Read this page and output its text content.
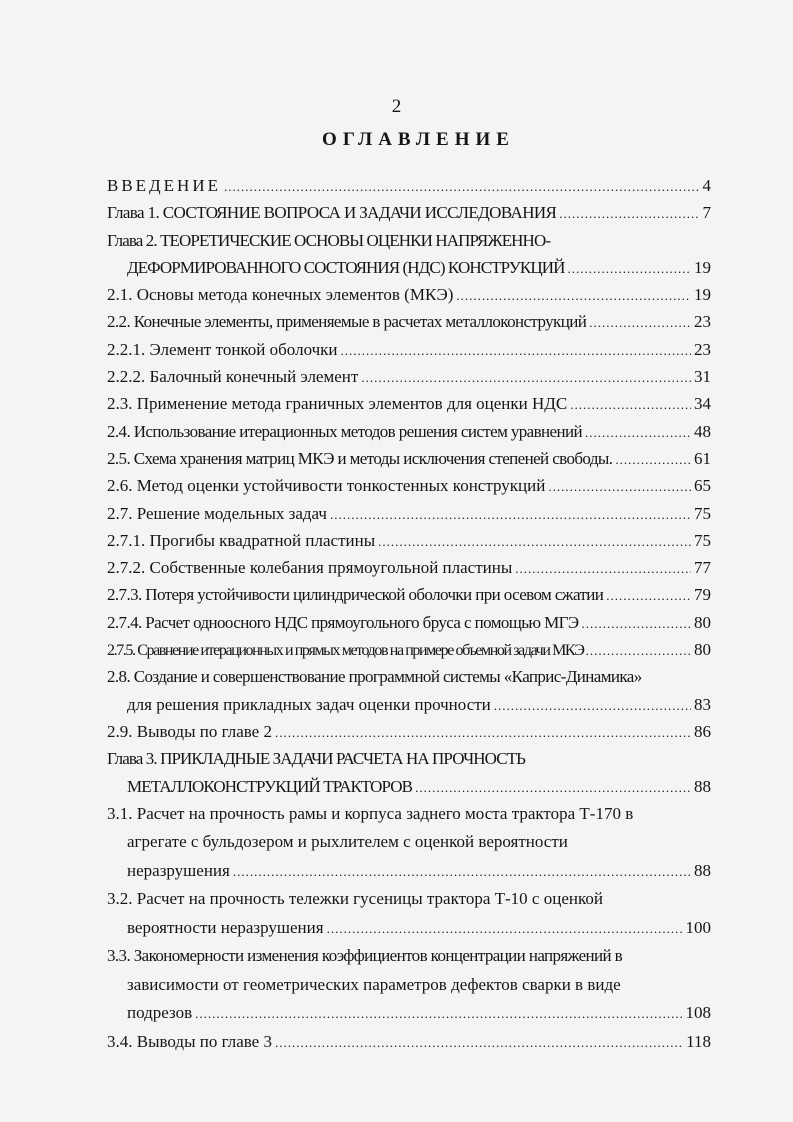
2
ОГЛАВЛЕНИЕ
ВВЕДЕНИЕ .....	4
Глава 1. СОСТОЯНИЕ ВОПРОСА И ЗАДАЧИ ИССЛЕДОВАНИЯ .....	7
Глава 2. ТЕОРЕТИЧЕСКИЕ ОСНОВЫ ОЦЕНКИ НАПРЯЖЕННО-
ДЕФОРМИРОВАННОГО СОСТОЯНИЯ (НДС) КОНСТРУКЦИЙ .....	19
2.1. Основы метода конечных элементов (МКЭ) .....	19
2.2. Конечные элементы, применяемые в расчетах металлоконструкций .....	23
2.2.1. Элемент тонкой оболочки .....	23
2.2.2. Балочный конечный элемент .....	31
2.3. Применение метода граничных элементов для оценки НДС .....	34
2.4. Использование итерационных методов решения систем уравнений .....	48
2.5. Схема хранения матриц МКЭ и методы исключения степеней свободы. .....	61
2.6. Метод оценки устойчивости тонкостенных конструкций .....	65
2.7. Решение модельных задач .....	75
2.7.1. Прогибы квадратной пластины .....	75
2.7.2. Собственные колебания прямоугольной пластины .....	77
2.7.3. Потеря устойчивости цилиндрической оболочки при осевом сжатии .....	79
2.7.4. Расчет одноосного НДС прямоугольного бруса с помощью МГЭ .....	80
2.7.5. Сравнение итерационных и прямых методов на примере объемной задачи МКЭ .....	80
2.8. Создание и совершенствование программной системы «Каприс-Динамика»
для решения прикладных задач оценки прочности .....	83
2.9. Выводы по главе 2 .....	86
Глава 3. ПРИКЛАДНЫЕ ЗАДАЧИ РАСЧЕТА НА ПРОЧНОСТЬ
МЕТАЛЛОКОНСТРУКЦИЙ ТРАКТОРОВ .....	88
3.1. Расчет на прочность рамы и корпуса заднего моста трактора Т-170 в
агрегате с бульдозером и рыхлителем с оценкой вероятности
неразрушения .....	88
3.2. Расчет на прочность тележки гусеницы трактора Т-10 с оценкой
вероятности неразрушения .....	100
3.3. Закономерности изменения коэффициентов концентрации напряжений в
зависимости от геометрических параметров дефектов сварки в виде
подрезов .....	108
3.4. Выводы по главе 3 .....	118
